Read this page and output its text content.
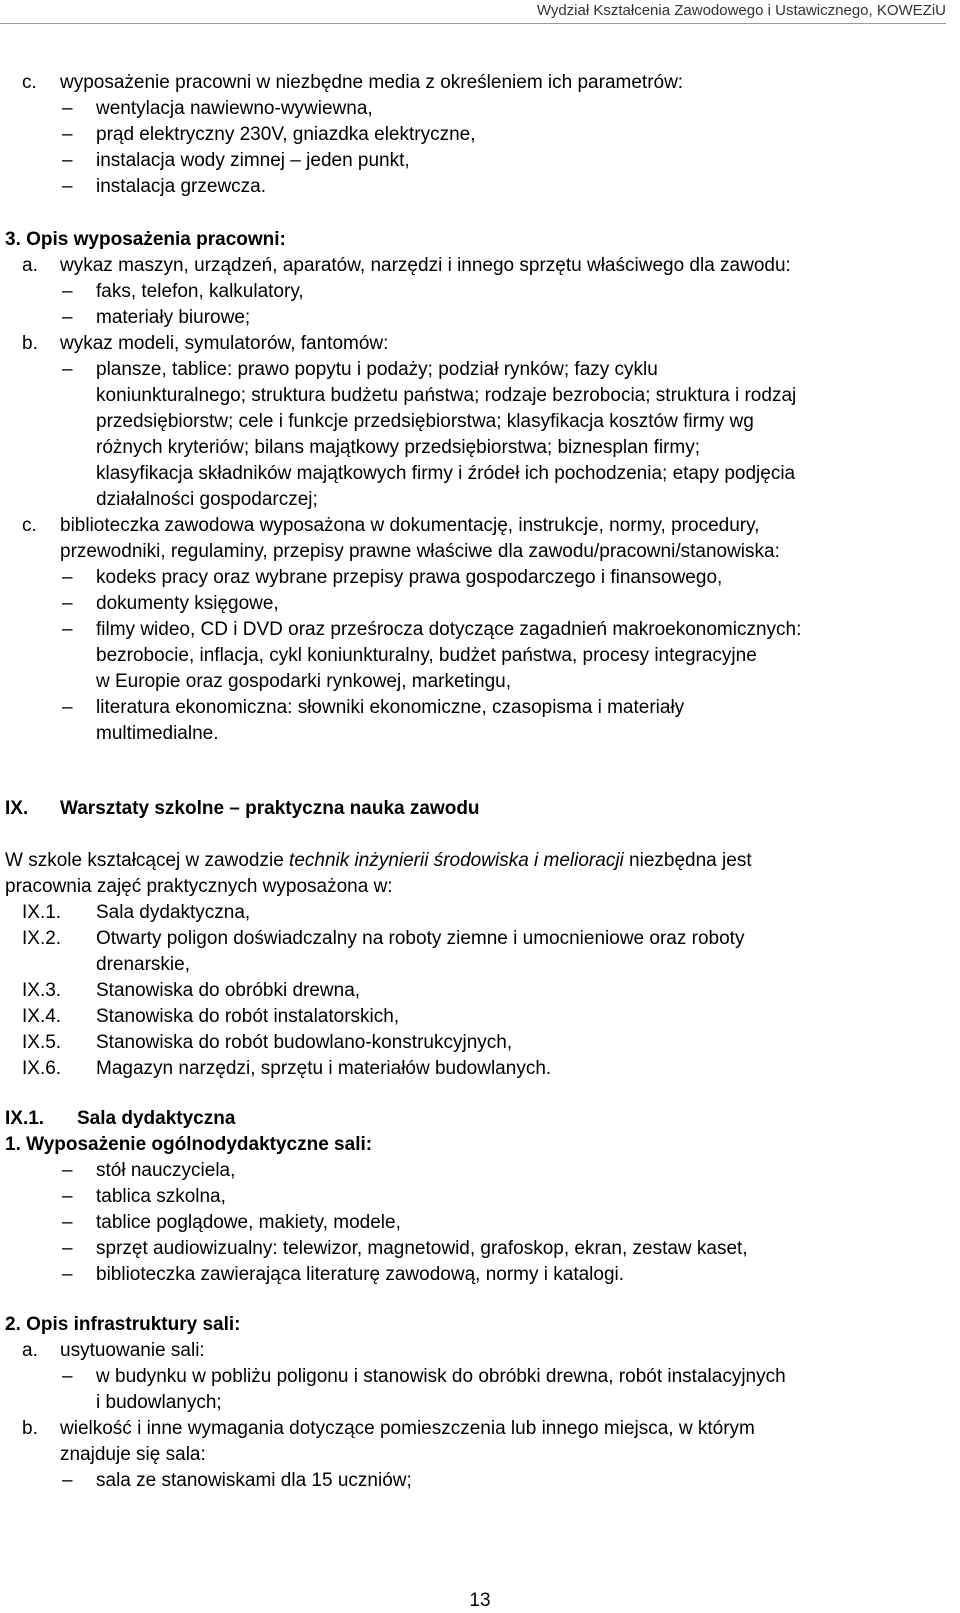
Wydział Kształcenia Zawodowego i Ustawicznego, KOWEZiU
c. wyposażenie pracowni w niezbędne media z określeniem ich parametrów:
– wentylacja nawiewno-wywiewna,
– prąd elektryczny 230V, gniazdka elektryczne,
– instalacja wody zimnej – jeden punkt,
– instalacja grzewcza.
3. Opis wyposażenia pracowni:
a. wykaz maszyn, urządzeń, aparatów, narzędzi i innego sprzętu właściwego dla zawodu:
– faks, telefon, kalkulatory,
– materiały biurowe;
b. wykaz modeli, symulatorów, fantomów:
– plansze, tablice: prawo popytu i podaży; podział rynków; fazy cyklu
koniunkturalnego; struktura budżetu państwa; rodzaje bezrobocia; struktura i rodzaj
przedsiębiorstw; cele i funkcje przedsiębiorstwa; klasyfikacja kosztów firmy wg
różnych kryteriów; bilans majątkowy przedsiębiorstwa; biznesplan firmy;
klasyfikacja składników majątkowych firmy i źródeł ich pochodzenia; etapy podjęcia
działalności gospodarczej;
c. biblioteczka zawodowa wyposażona w dokumentację, instrukcje, normy, procedury,
przewodniki, regulaminy, przepisy prawne właściwe dla zawodu/pracowni/stanowiska:
– kodeks pracy oraz wybrane przepisy prawa gospodarczego i finansowego,
– dokumenty księgowe,
– filmy wideo, CD i DVD oraz prześrocza dotyczące zagadnień makroekonomicznych:
bezrobocie, inflacja, cykl koniunkturalny, budżet państwa, procesy integracyjne
w Europie oraz gospodarki rynkowej, marketingu,
– literatura ekonomiczna: słowniki ekonomiczne, czasopisma i materiały
multimedialne.
IX. Warsztaty szkolne – praktyczna nauka zawodu
W szkole kształcącej w zawodzie technik inżynierii środowiska i melioracji niezbędna jest
pracownia zajęć praktycznych wyposażona w:
IX.1. Sala dydaktyczna,
IX.2. Otwarty poligon doświadczalny na roboty ziemne i umocnieniowe oraz roboty
drenarskie,
IX.3. Stanowiska do obróbki drewna,
IX.4. Stanowiska do robót instalatorskich,
IX.5. Stanowiska do robót budowlano-konstrukcyjnych,
IX.6. Magazyn narzędzi, sprzętu i materiałów budowlanych.
IX.1. Sala dydaktyczna
1. Wyposażenie ogólnodydaktyczne sali:
– stół nauczyciela,
– tablica szkolna,
– tablice poglądowe, makiety, modele,
– sprzęt audiowizualny: telewizor, magnetowid, grafoskop, ekran, zestaw kaset,
– biblioteczka zawierająca literaturę zawodową, normy i katalogi.
2. Opis infrastruktury sali:
a. usytuowanie sali:
– w budynku w pobliżu poligonu i stanowisk do obróbki drewna, robót instalacyjnych
i budowlanych;
b. wielkość i inne wymagania dotyczące pomieszczenia lub innego miejsca, w którym
znajduje się sala:
– sala ze stanowiskami dla 15 uczniów;
13
